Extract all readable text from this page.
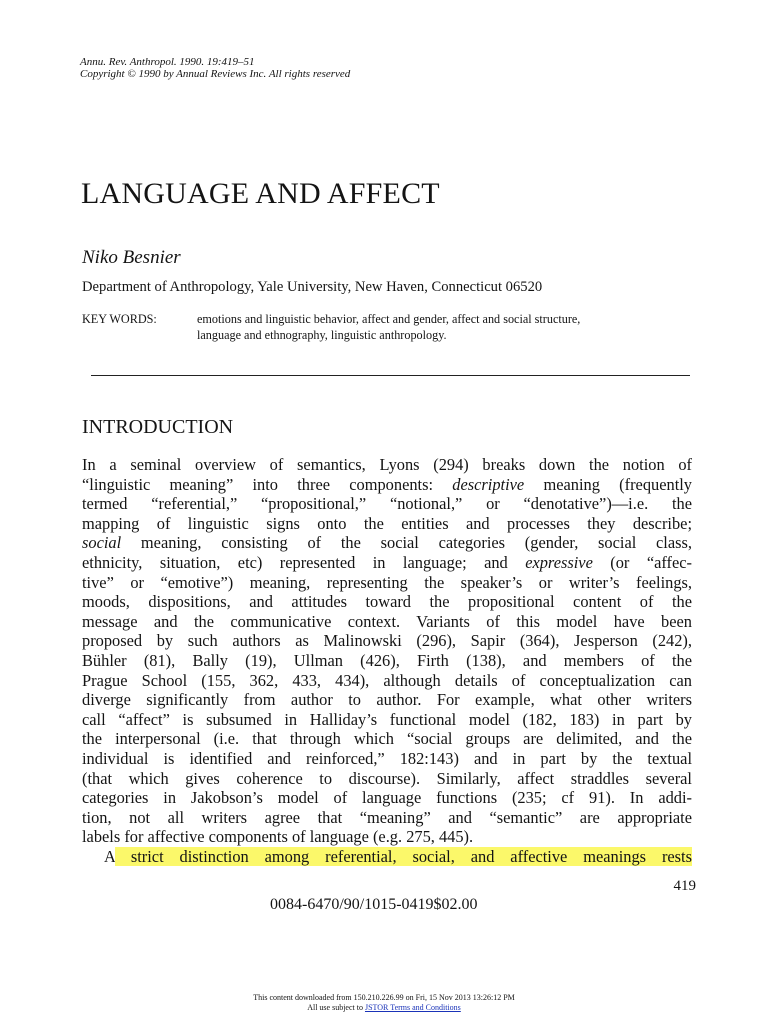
Annu. Rev. Anthropol. 1990. 19:419–51
Copyright © 1990 by Annual Reviews Inc. All rights reserved
LANGUAGE AND AFFECT
Niko Besnier
Department of Anthropology, Yale University, New Haven, Connecticut 06520
KEY WORDS:	emotions and linguistic behavior, affect and gender, affect and social structure,
language and ethnography, linguistic anthropology.
INTRODUCTION
In a seminal overview of semantics, Lyons (294) breaks down the notion of
“linguistic meaning” into three components: descriptive meaning (frequently
termed “referential,” “propositional,” “notional,” or “denotative”)—i.e. the
mapping of linguistic signs onto the entities and processes they describe;
social meaning, consisting of the social categories (gender, social class,
ethnicity, situation, etc) represented in language; and expressive (or “affec-
tive” or “emotive”) meaning, representing the speaker’s or writer’s feelings,
moods, dispositions, and attitudes toward the propositional content of the
message and the communicative context. Variants of this model have been
proposed by such authors as Malinowski (296), Sapir (364), Jesperson (242),
Bühler (81), Bally (19), Ullman (426), Firth (138), and members of the
Prague School (155, 362, 433, 434), although details of conceptualization can
diverge significantly from author to author. For example, what other writers
call “affect” is subsumed in Halliday’s functional model (182, 183) in part by
the interpersonal (i.e. that through which “social groups are delimited, and the
individual is identified and reinforced,” 182:143) and in part by the textual
(that which gives coherence to discourse). Similarly, affect straddles several
categories in Jakobson’s model of language functions (235; cf 91). In addi-
tion, not all writers agree that “meaning” and “semantic” are appropriate
labels for affective components of language (e.g. 275, 445).
A strict distinction among referential, social, and affective meanings rests
419
0084-6470/90/1015-0419$02.00
This content downloaded from 150.210.226.99 on Fri, 15 Nov 2013 13:26:12 PM
All use subject to JSTOR Terms and Conditions
